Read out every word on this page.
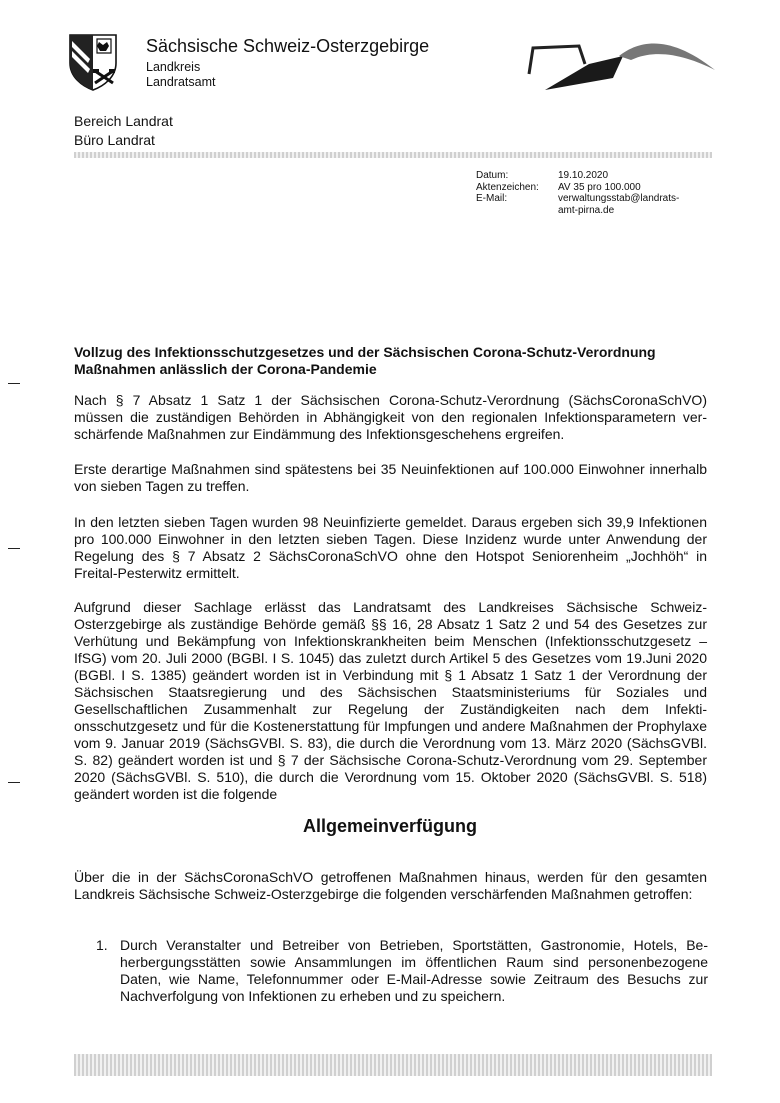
Sächsische Schweiz-Osterzgebirge
Landkreis
Landratsamt
Bereich Landrat
Büro Landrat
Datum:	19.10.2020
Aktenzeichen:	AV 35 pro 100.000
E-Mail:	verwaltungsstab@landrats-
amt-pirna.de
Vollzug des Infektionsschutzgesetzes und der Sächsischen Corona-Schutz-Verordnung
Maßnahmen anlässlich der Corona-Pandemie
Nach § 7 Absatz 1 Satz 1 der Sächsischen Corona-Schutz-Verordnung (SächsCoronaSchVO) müssen die zuständigen Behörden in Abhängigkeit von den regionalen Infektionsparametern verschärfende Maßnahmen zur Eindämmung des Infektionsgeschehens ergreifen.
Erste derartige Maßnahmen sind spätestens bei 35 Neuinfektionen auf 100.000 Einwohner innerhalb von sieben Tagen zu treffen.
In den letzten sieben Tagen wurden 98 Neuinfizierte gemeldet. Daraus ergeben sich 39,9 Infektionen pro 100.000 Einwohner in den letzten sieben Tagen. Diese Inzidenz wurde unter Anwendung der Regelung des § 7 Absatz 2 SächsCoronaSchVO ohne den Hotspot Seniorenheim „Jochhöh“ in Freital-Pesterwitz ermittelt.
Aufgrund dieser Sachlage erlässt das Landratsamt des Landkreises Sächsische Schweiz-Osterzgebirge als zuständige Behörde gemäß §§ 16, 28 Absatz 1 Satz 2 und 54 des Gesetzes zur Verhütung und Bekämpfung von Infektionskrankheiten beim Menschen (Infektionsschutzgesetz – IfSG) vom 20. Juli 2000 (BGBl. I S. 1045) das zuletzt durch Artikel 5 des Gesetzes vom 19.Juni 2020 (BGBl. I S. 1385) geändert worden ist in Verbindung mit § 1 Absatz 1 Satz 1 der Verordnung der Sächsischen Staatsregierung und des Sächsischen Staatsministeriums für Soziales und Gesellschaftlichen Zusammenhalt zur Regelung der Zuständigkeiten nach dem Infektionsschutzgesetz und für die Kostenerstattung für Impfungen und andere Maßnahmen der Prophylaxe vom 9. Januar 2019 (SächsGVBl. S. 83), die durch die Verordnung vom 13. März 2020 (SächsGVBl. S. 82) geändert worden ist und § 7 der Sächsische Corona-Schutz-Verordnung vom 29. September 2020 (SächsGVBl. S. 510), die durch die Verordnung vom 15. Oktober 2020 (SächsGVBl. S. 518) geändert worden ist die folgende
Allgemeinverfügung
Über die in der SächsCoronaSchVO getroffenen Maßnahmen hinaus, werden für den gesamten Landkreis Sächsische Schweiz-Osterzgebirge die folgenden verschärfenden Maßnahmen getroffen:
1. Durch Veranstalter und Betreiber von Betrieben, Sportstätten, Gastronomie, Hotels, Beherbergungsstätten sowie Ansammlungen im öffentlichen Raum sind personenbezogene Daten, wie Name, Telefonnummer oder E-Mail-Adresse sowie Zeitraum des Besuchs zur Nachverfolgung von Infektionen zu erheben und zu speichern.
